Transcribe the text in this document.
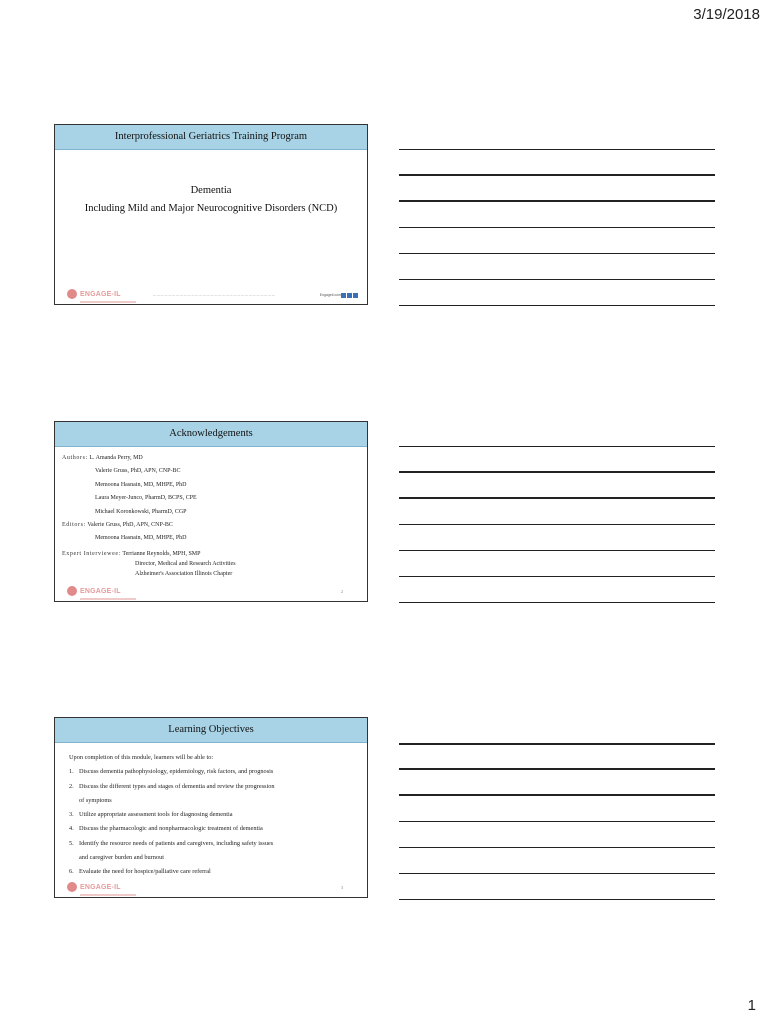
3/19/2018
Interprofessional Geriatrics Training Program
Dementia
Including Mild and Major Neurocognitive Disorders (NCD)
ENGAGE-IL	— — — — — — — — — — — — — — — — — — — — — — — — — — — — — — — —	Engageil.com
Acknowledgements
Authors:
L. Amanda Perry, MD
Valerie Gruss, PhD, APN, CNP-BC
Memoona Hasnain, MD, MHPE, PhD
Laura Meyer-Junco, PharmD, BCPS, CPE
Michael Koronkowski, PharmD, CGP
Editors:
Valerie Gruss, PhD, APN, CNP-BC
Memoona Hasnain, MD, MHPE, PhD
Expert Interviewee:
Terrianne Reynolds, MPH, SMP
Director, Medical and Research Activities
Alzheimer's Association Illinois Chapter
ENGAGE-IL	2
Learning Objectives
Upon completion of this module, learners will be able to:
1. Discuss dementia pathophysiology, epidemiology, risk factors, and prognosis
2. Discuss the different types and stages of dementia and review the progression
of symptoms
3. Utilize appropriate assessment tools for diagnosing dementia
4. Discuss the pharmacologic and nonpharmacologic treatment of dementia
5. Identify the resource needs of patients and caregivers, including safety issues
and caregiver burden and burnout
6. Evaluate the need for hospice/palliative care referral
ENGAGE-IL	3
1
